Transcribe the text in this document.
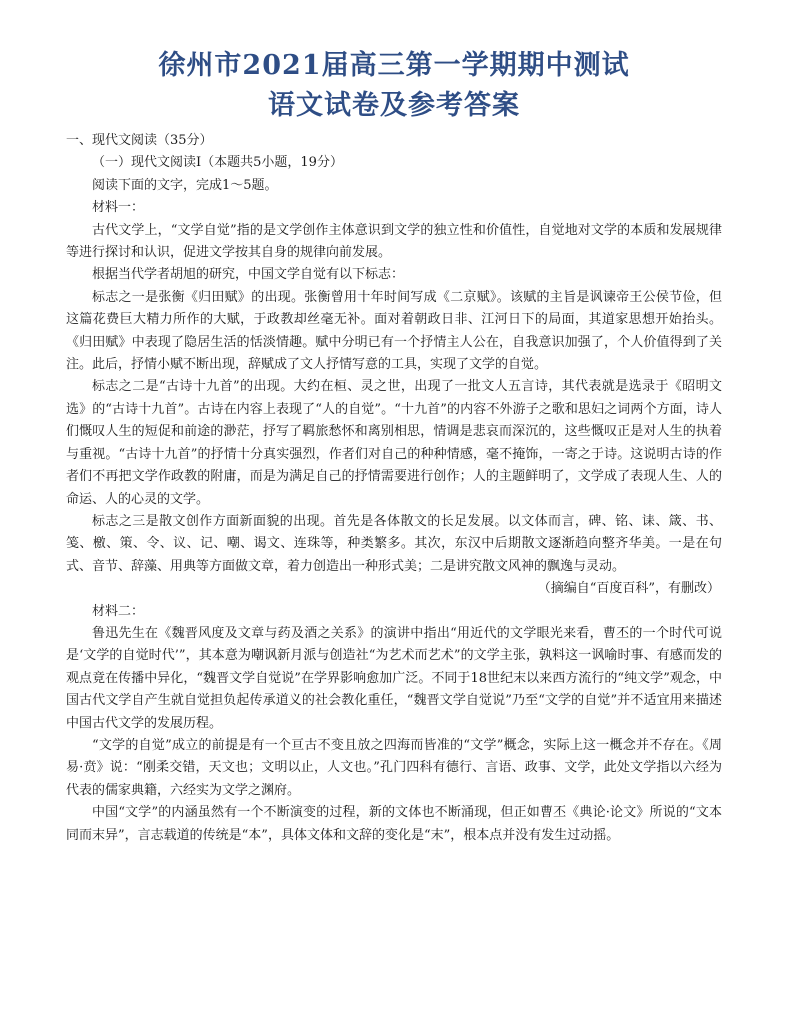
徐州市2021届高三第一学期期中测试
语文试卷及参考答案

一、现代文阅读（35分）

（一）现代文阅读Ⅰ（本题共5小题，19分）

阅读下面的文字，完成1～5题。

材料一：

古代文学上，“文学自觉”指的是文学创作主体意识到文学的独立性和价值性，自觉地对文学的本质和发展规律等进行探讨和认识，促进文学按其自身的规律向前发展。

根据当代学者胡旭的研究，中国文学自觉有以下标志：

标志之一是张衡《归田赋》的出现。张衡曾用十年时间写成《二京赋》。该赋的主旨是讽谏帝王公侯节俭，但这篇花费巨大精力所作的大赋，于政教却丝毫无补。面对着朝政日非、江河日下的局面，其道家思想开始抬头。《归田赋》中表现了隐居生活的恬淡情趣。赋中分明已有一个抒情主人公在，自我意识加强了，个人价值得到了关注。此后，抒情小赋不断出现，辞赋成了文人抒情写意的工具，实现了文学的自觉。

标志之二是“古诗十九首”的出现。大约在桓、灵之世，出现了一批文人五言诗，其代表就是选录于《昭明文选》的“古诗十九首”。古诗在内容上表现了“人的自觉”。“十九首”的内容不外游子之歌和思妇之词两个方面，诗人们慨叹人生的短促和前途的渺茫，抒写了羁旅愁怀和离别相思，情调是悲哀而深沉的，这些慨叹正是对人生的执着与重视。“古诗十九首”的抒情十分真实强烈，作者们对自己的种种情感，毫不掩饰，一寄之于诗。这说明古诗的作者们不再把文学作政教的附庸，而是为满足自己的抒情需要进行创作；人的主题鲜明了，文学成了表现人生、人的命运、人的心灵的文学。

标志之三是散文创作方面新面貌的出现。首先是各体散文的长足发展。以文体而言，碑、铭、诔、箴、书、笺、檄、策、令、议、记、嘲、谒文、连珠等，种类繁多。其次，东汉中后期散文逐渐趋向整齐华美。一是在句式、音节、辞藻、用典等方面做文章，着力创造出一种形式美；二是讲究散文风神的飘逸与灵动。

（摘编自“百度百科”，有删改）

材料二：

鲁迅先生在《魏晋风度及文章与药及酒之关系》的演讲中指出“用近代的文学眼光来看，曹丕的一个时代可说是‘文学的自觉时代’”，其本意为嘲讽新月派与创造社“为艺术而艺术”的文学主张，孰料这一讽喻时事、有感而发的观点竟在传播中异化，“魏晋文学自觉说”在学界影响愈加广泛。不同于18世纪末以来西方流行的“纯文学”观念，中国古代文学自产生就自觉担负起传承道义的社会教化重任，“魏晋文学自觉说”乃至“文学的自觉”并不适宜用来描述中国古代文学的发展历程。

“文学的自觉”成立的前提是有一个亘古不变且放之四海而皆准的“文学”概念，实际上这一概念并不存在。《周易·贲》说：“刚柔交错，天文也；文明以止，人文也。”孔门四科有德行、言语、政事、文学，此处文学指以六经为代表的儒家典籍，六经实为文学之渊府。

中国“文学”的内涵虽然有一个不断演变的过程，新的文体也不断涌现，但正如曹丕《典论·论文》所说的“文本同而末异”，言志载道的传统是“本”，具体文体和文辞的变化是“末”，根本点并没有发生过动摇。
